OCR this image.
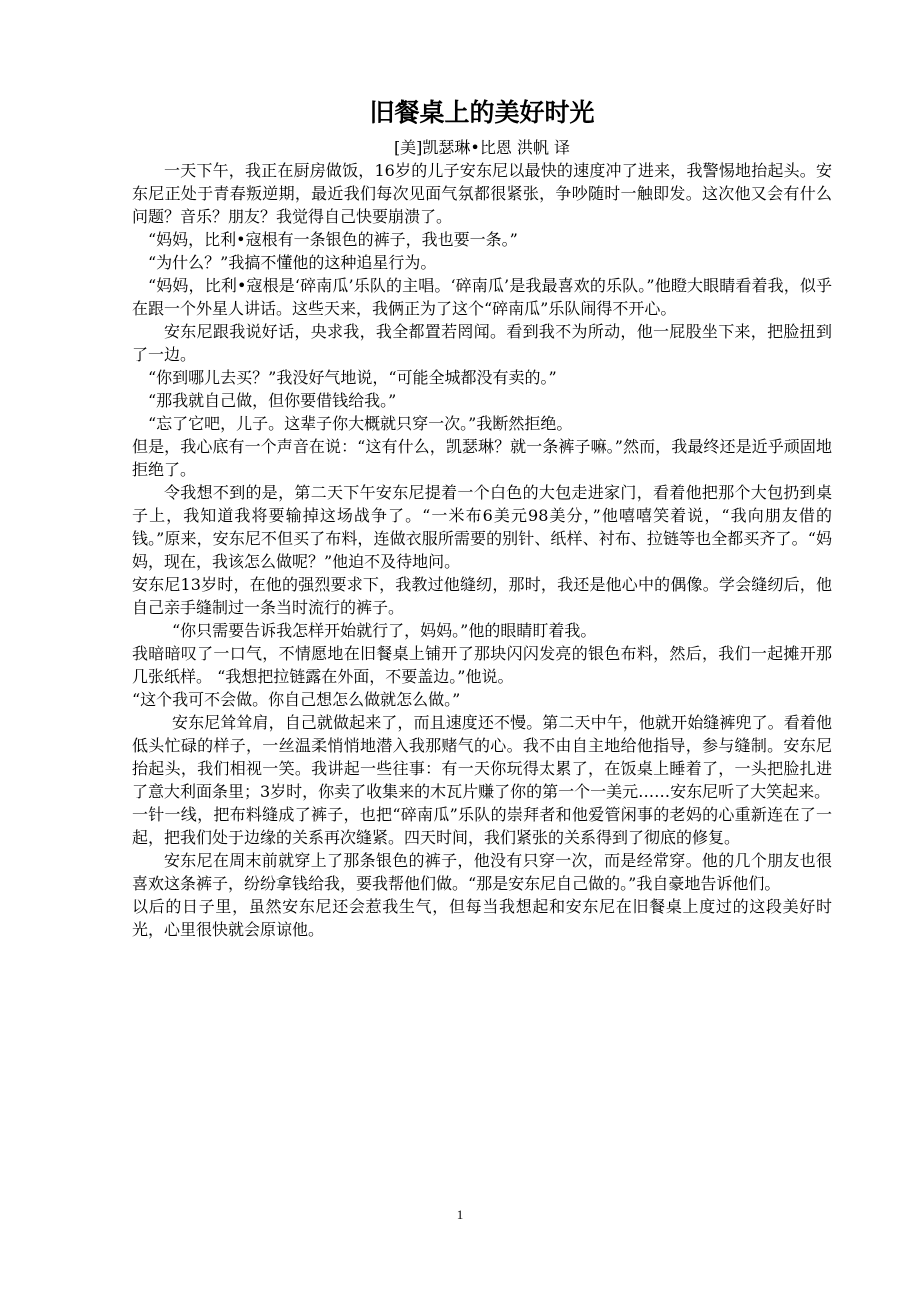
旧餐桌上的美好时光

[美]凯瑟琳•比恩 洪帆 译

一天下午，我正在厨房做饭，16岁的儿子安东尼以最快的速度冲了进来，我警惕地抬起头。安东尼正处于青春叛逆期，最近我们每次见面气氛都很紧张，争吵随时一触即发。这次他又会有什么问题？音乐？朋友？我觉得自己快要崩溃了。

“妈妈，比利•寇根有一条银色的裤子，我也要一条。”

“为什么？”我搞不懂他的这种追星行为。

“妈妈，比利•寇根是‘碎南瓜’乐队的主唱。‘碎南瓜’是我最喜欢的乐队。”他瞪大眼睛看着我，似乎在跟一个外星人讲话。这些天来，我俩正为了这个“碎南瓜”乐队闹得不开心。

安东尼跟我说好话，央求我，我全都置若罔闻。看到我不为所动，他一屁股坐下来，把脸扭到了一边。

“你到哪儿去买？”我没好气地说，“可能全城都没有卖的。”

“那我就自己做，但你要借钱给我。”

“忘了它吧，儿子。这辈子你大概就只穿一次。”我断然拒绝。

但是，我心底有一个声音在说：“这有什么，凯瑟琳？就一条裤子嘛。”然而，我最终还是近乎顽固地拒绝了。

令我想不到的是，第二天下午安东尼提着一个白色的大包走进家门，看着他把那个大包扔到桌子上，我知道我将要输掉这场战争了。“一米布6美元98美分，”他嘻嘻笑着说，“我向朋友借的钱。”原来，安东尼不但买了布料，连做衣服所需要的别针、纸样、衬布、拉链等也全都买齐了。“妈妈，现在，我该怎么做呢？”他迫不及待地问。

安东尼13岁时，在他的强烈要求下，我教过他缝纫，那时，我还是他心中的偶像。学会缝纫后，他自己亲手缝制过一条当时流行的裤子。

“你只需要告诉我怎样开始就行了，妈妈。”他的眼睛盯着我。

我暗暗叹了一口气，不情愿地在旧餐桌上铺开了那块闪闪发亮的银色布料，然后，我们一起摊开那几张纸样。 “我想把拉链露在外面，不要盖边。”他说。

“这个我可不会做。你自己想怎么做就怎么做。”

安东尼耸耸肩，自己就做起来了，而且速度还不慢。第二天中午，他就开始缝裤兜了。看着他低头忙碌的样子，一丝温柔悄悄地潜入我那赌气的心。我不由自主地给他指导，参与缝制。安东尼抬起头，我们相视一笑。我讲起一些往事：有一天你玩得太累了，在饭桌上睡着了，一头把脸扎进了意大利面条里；3岁时，你卖了收集来的木瓦片赚了你的第一个一美元……安东尼听了大笑起来。

一针一线，把布料缝成了裤子，也把“碎南瓜”乐队的崇拜者和他爱管闲事的老妈的心重新连在了一起，把我们处于边缘的关系再次缝紧。四天时间，我们紧张的关系得到了彻底的修复。

安东尼在周末前就穿上了那条银色的裤子，他没有只穿一次，而是经常穿。他的几个朋友也很喜欢这条裤子，纷纷拿钱给我，要我帮他们做。“那是安东尼自己做的。”我自豪地告诉他们。

以后的日子里，虽然安东尼还会惹我生气，但每当我想起和安东尼在旧餐桌上度过的这段美好时光，心里很快就会原谅他。

1
